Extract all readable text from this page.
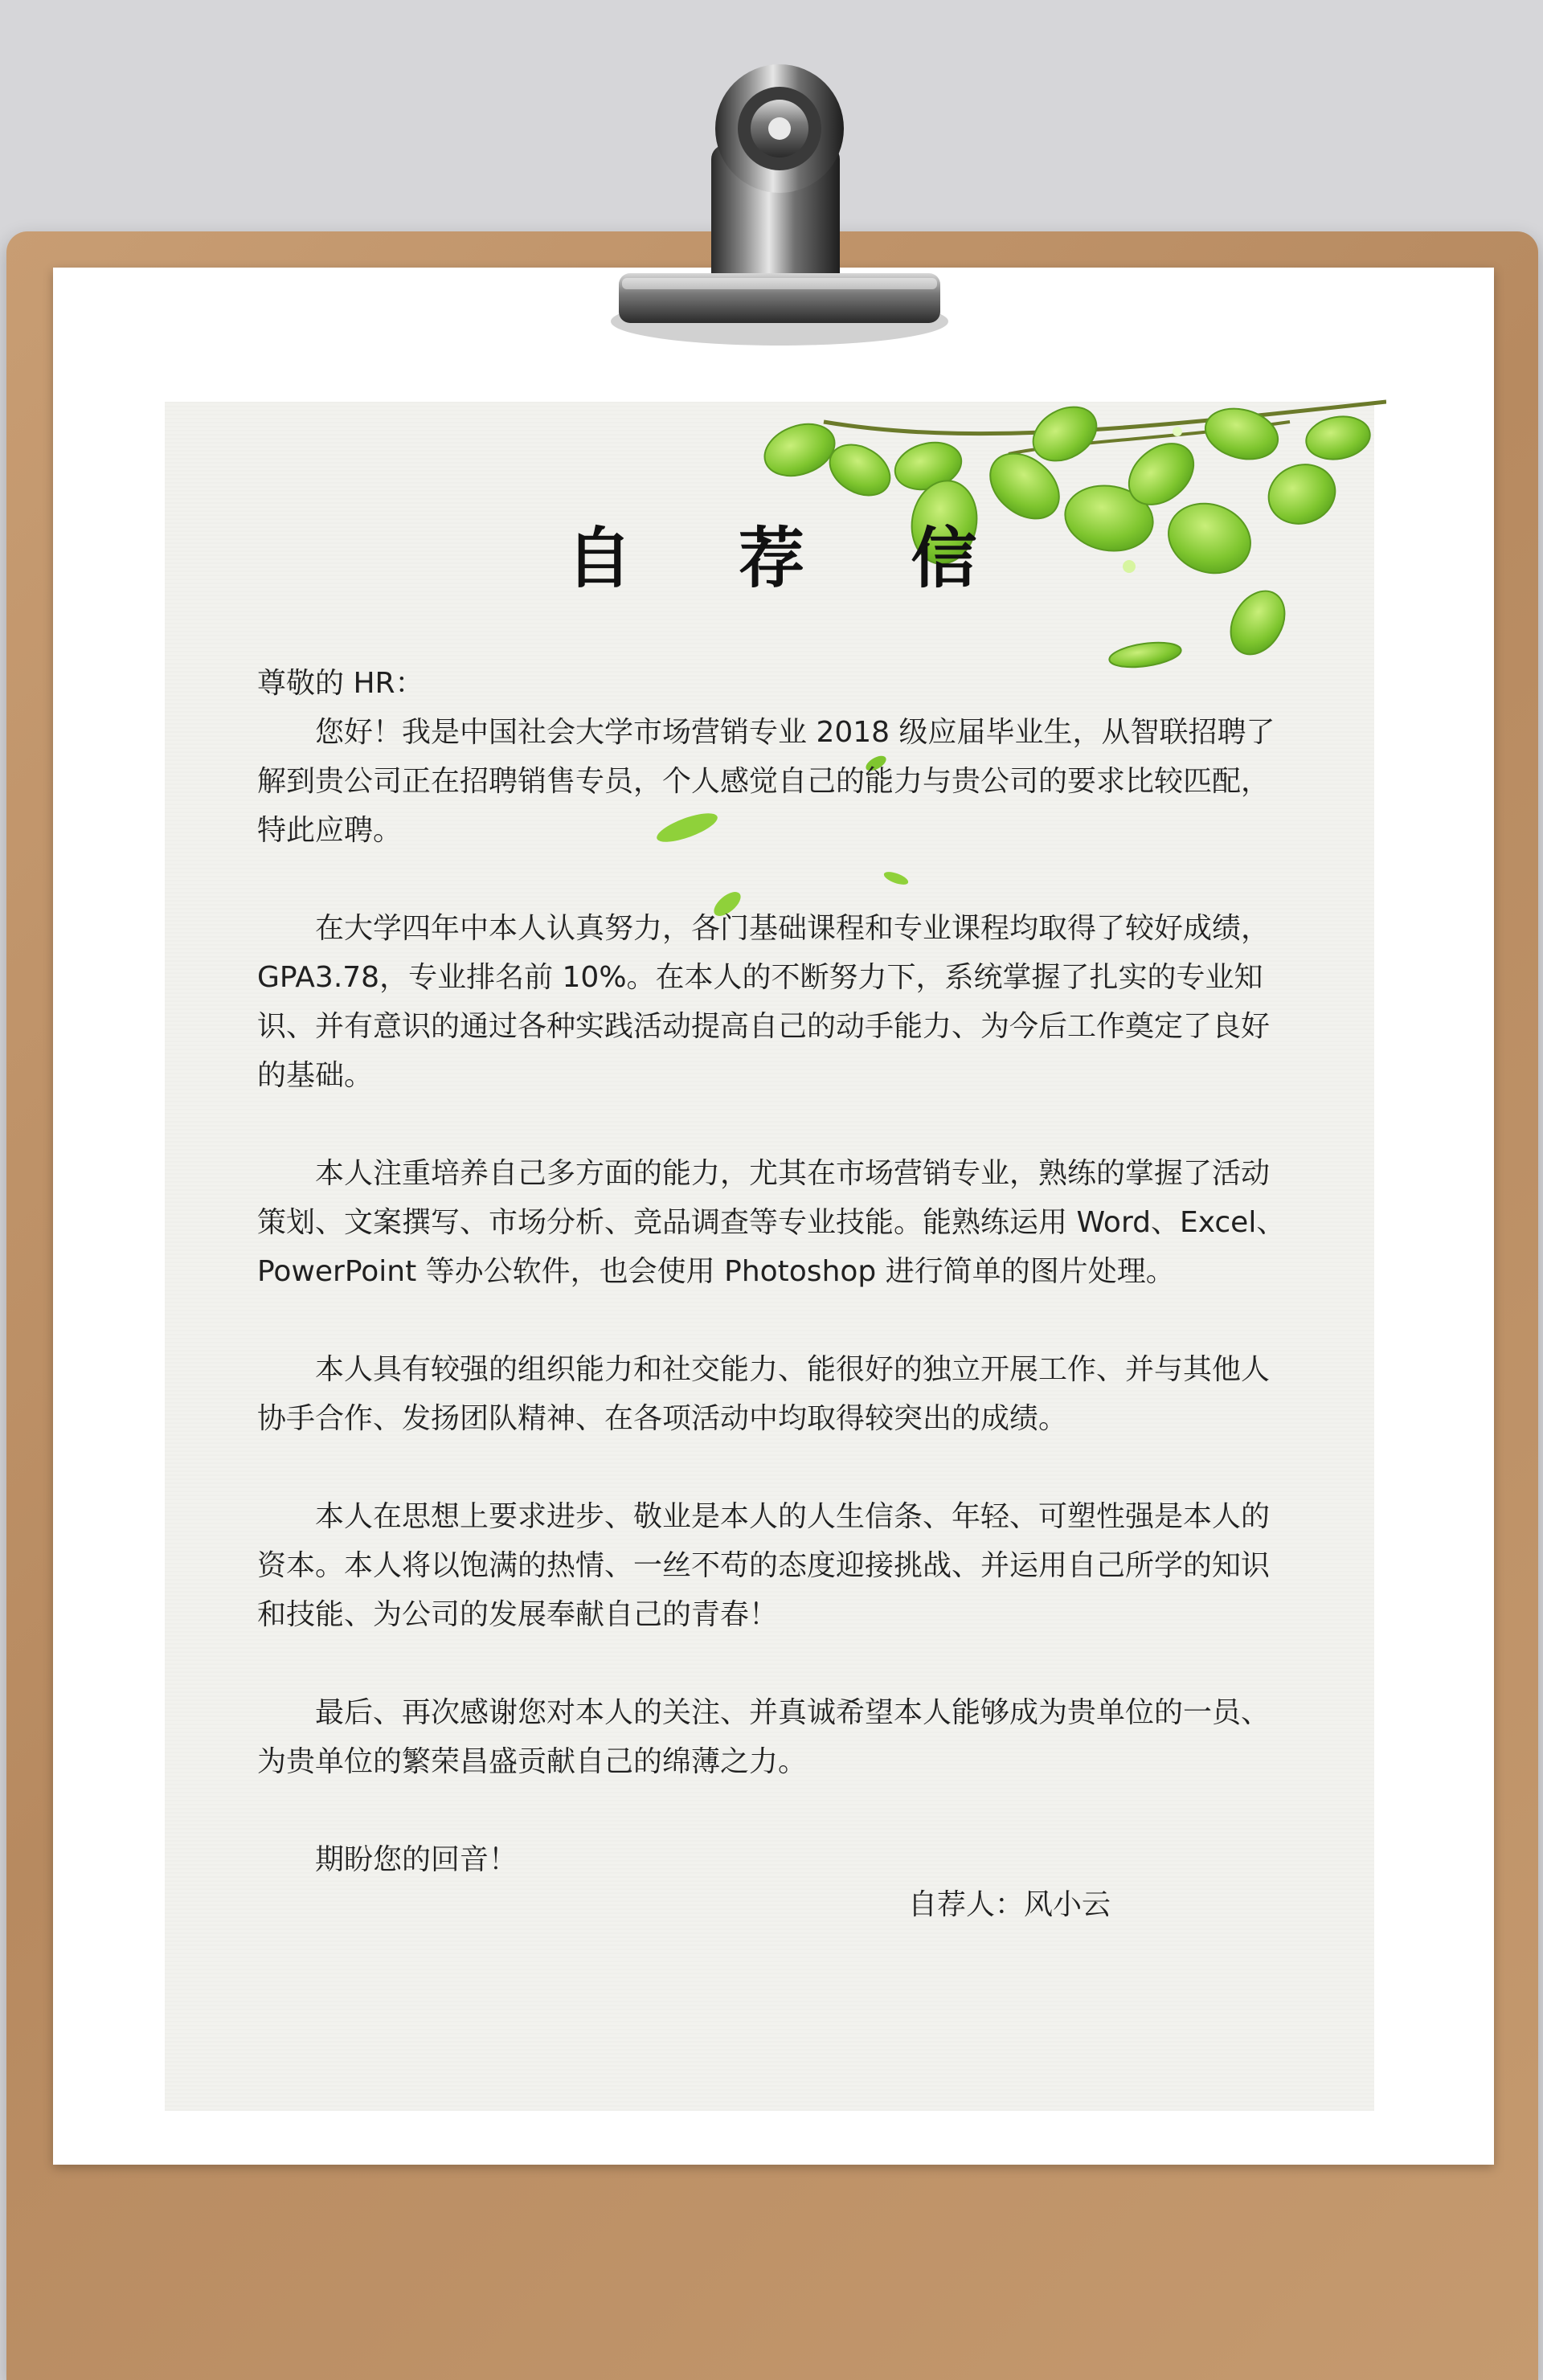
自 荐 信

尊敬的 HR：

您好！我是中国社会大学市场营销专业 2018 级应届毕业生，从智联招聘了解到贵公司正在招聘销售专员，个人感觉自己的能力与贵公司的要求比较匹配，特此应聘。

在大学四年中本人认真努力，各门基础课程和专业课程均取得了较好成绩，GPA3.78，专业排名前 10%。在本人的不断努力下，系统掌握了扎实的专业知识、并有意识的通过各种实践活动提高自己的动手能力、为今后工作奠定了良好的基础。

本人注重培养自己多方面的能力，尤其在市场营销专业，熟练的掌握了活动策划、文案撰写、市场分析、竞品调查等专业技能。能熟练运用 Word、Excel、PowerPoint 等办公软件，也会使用 Photoshop 进行简单的图片处理。

本人具有较强的组织能力和社交能力、能很好的独立开展工作、并与其他人协手合作、发扬团队精神、在各项活动中均取得较突出的成绩。

本人在思想上要求进步、敬业是本人的人生信条、年轻、可塑性强是本人的资本。本人将以饱满的热情、一丝不苟的态度迎接挑战、并运用自己所学的知识和技能、为公司的发展奉献自己的青春！

最后、再次感谢您对本人的关注、并真诚希望本人能够成为贵单位的一员、为贵单位的繁荣昌盛贡献自己的绵薄之力。

期盼您的回音！

自荐人：风小云
